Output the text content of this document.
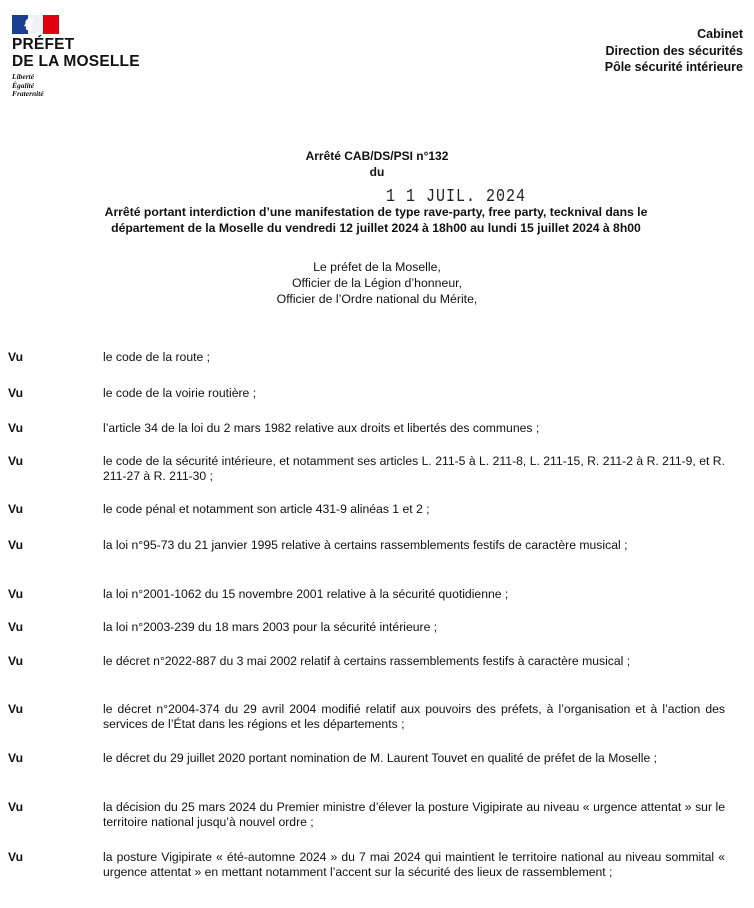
PRÉFET
DE LA MOSELLE
Liberté
Égalité
Fraternité
Cabinet
Direction des sécurités
Pôle sécurité intérieure
Arrêté CAB/DS/PSI n°132
du
1 1 JUIL. 2024
Arrêté portant interdiction d’une manifestation de type rave-party, free party, tecknival dans le
département de la Moselle du vendredi 12 juillet 2024 à 18h00 au lundi 15 juillet 2024 à 8h00
Le préfet de la Moselle,
Officier de la Légion d’honneur,
Officier de l’Ordre national du Mérite,
Vu	le code de la route ;
Vu	le code de la voirie routière ;
Vu	l’article 34 de la loi du 2 mars 1982 relative aux droits et libertés des communes ;
Vu	le code de la sécurité intérieure, et notamment ses articles L. 211-5 à L. 211-8, L. 211-15, R. 211-2 à R. 211-9, et R. 211-27 à R. 211-30 ;
Vu	le code pénal et notamment son article 431-9 alinéas 1 et 2 ;
Vu	la loi n°95-73 du 21 janvier 1995 relative à certains rassemblements festifs de caractère musical ;
Vu	la loi n°2001-1062 du 15 novembre 2001 relative à la sécurité quotidienne ;
Vu	la loi n°2003-239 du 18 mars 2003 pour la sécurité intérieure ;
Vu	le décret n°2022-887 du 3 mai 2002 relatif à certains rassemblements festifs à caractère musical ;
Vu	le décret n°2004-374 du 29 avril 2004 modifié relatif aux pouvoirs des préfets, à l’organisation et à l’action des services de l’État dans les régions et les départements ;
Vu	le décret du 29 juillet 2020 portant nomination de M. Laurent Touvet en qualité de préfet de la Moselle ;
Vu	la décision du 25 mars 2024 du Premier ministre d’élever la posture Vigipirate au niveau « urgence attentat » sur le territoire national jusqu’à nouvel ordre ;
Vu	la posture Vigipirate « été-automne 2024 » du 7 mai 2024 qui maintient le territoire national au niveau sommital « urgence attentat » en mettant notamment l’accent sur la sécurité des lieux de rassemblement ;
